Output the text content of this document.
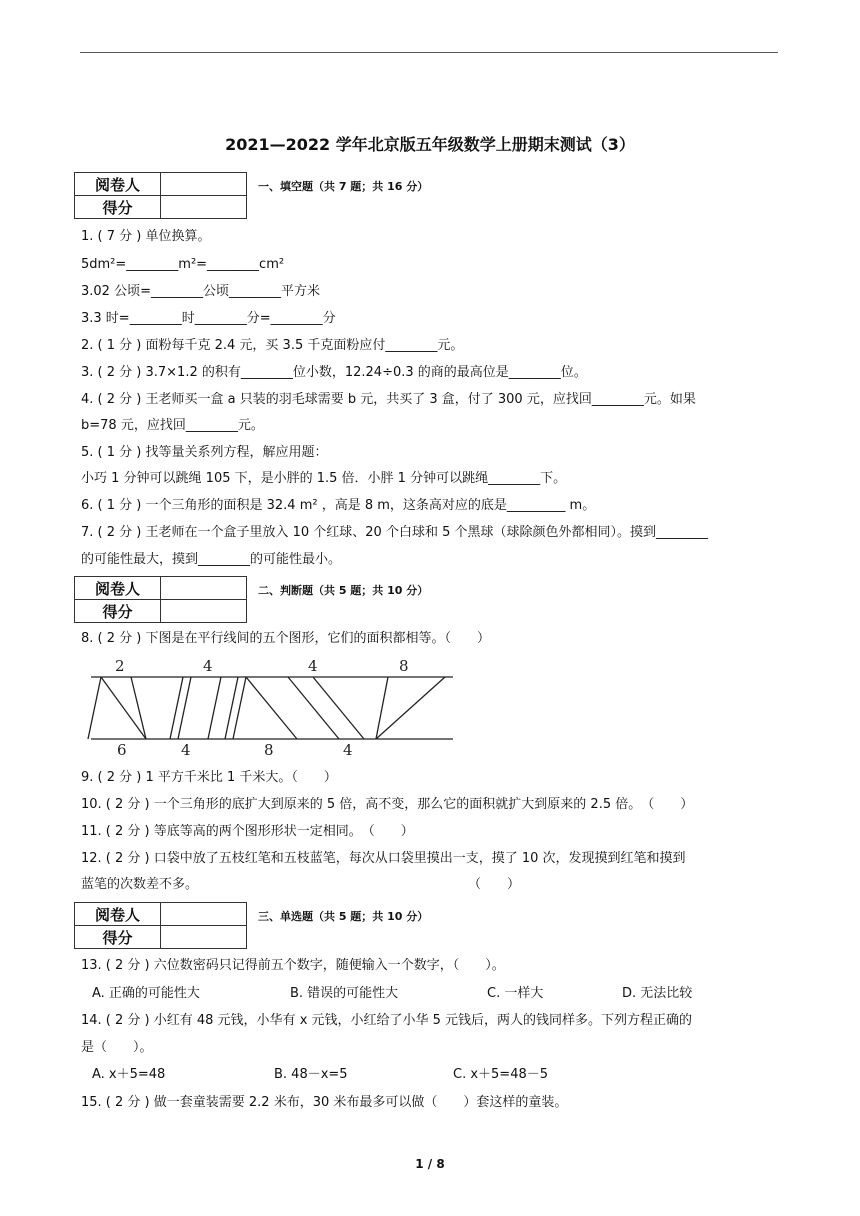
2021—2022 学年北京版五年级数学上册期末测试（3）
阅卷人	
得分	
一、填空题（共 7 题；共 16 分）
1. ( 7 分 ) 单位换算。
5dm²=________m²=________cm²
3.02 公顷=________公顷________平方米
3.3 时=________时________分=________分
2. ( 1 分 ) 面粉每千克 2.4 元，买 3.5 千克面粉应付________元。
3. ( 2 分 ) 3.7×1.2 的积有________位小数，12.24÷0.3 的商的最高位是________位。
4. ( 2 分 ) 王老师买一盒 a 只装的羽毛球需要 b 元，共买了 3 盒，付了 300 元，应找回________元。如果
b=78 元，应找回________元。
5. ( 1 分 ) 找等量关系列方程，解应用题：
小巧 1 分钟可以跳绳 105 下，是小胖的 1.5 倍．小胖 1 分钟可以跳绳________下。
6. ( 1 分 ) 一个三角形的面积是 32.4 m² ，高是 8 m，这条高对应的底是_________ m。
7. ( 2 分 ) 王老师在一个盒子里放入 10 个红球、20 个白球和 5 个黑球（球除颜色外都相同）。摸到________
的可能性最大，摸到________的可能性最小。
阅卷人	
得分	
二、判断题（共 5 题；共 10 分）
8. ( 2 分 ) 下图是在平行线间的五个图形，它们的面积都相等。（　　）
2	4	4	8
6	4	8	4
9. ( 2 分 ) 1 平方千米比 1 千米大。（　　）
10. ( 2 分 ) 一个三角形的底扩大到原来的 5 倍，高不变，那么它的面积就扩大到原来的 2.5 倍。　（　　）
11. ( 2 分 ) 等底等高的两个图形形状一定相同。　（　　）
12. ( 2 分 ) 口袋中放了五枝红笔和五枝蓝笔，每次从口袋里摸出一支，摸了 10 次，发现摸到红笔和摸到
蓝笔的次数差不多。	（　　）
阅卷人	
得分	
三、单选题（共 5 题；共 10 分）
13. ( 2 分 ) 六位数密码只记得前五个数字，随便输入一个数字，（　　）。
A. 正确的可能性大	B. 错误的可能性大	C. 一样大	D. 无法比较
14. ( 2 分 ) 小红有 48 元钱，小华有 x 元钱，小红给了小华 5 元钱后，两人的钱同样多。下列方程正确的
是（　　）。
A. x＋5=48	B. 48－x=5	C. x＋5=48－5
15. ( 2 分 ) 做一套童装需要 2.2 米布，30 米布最多可以做（　　）套这样的童装。
1 / 8
